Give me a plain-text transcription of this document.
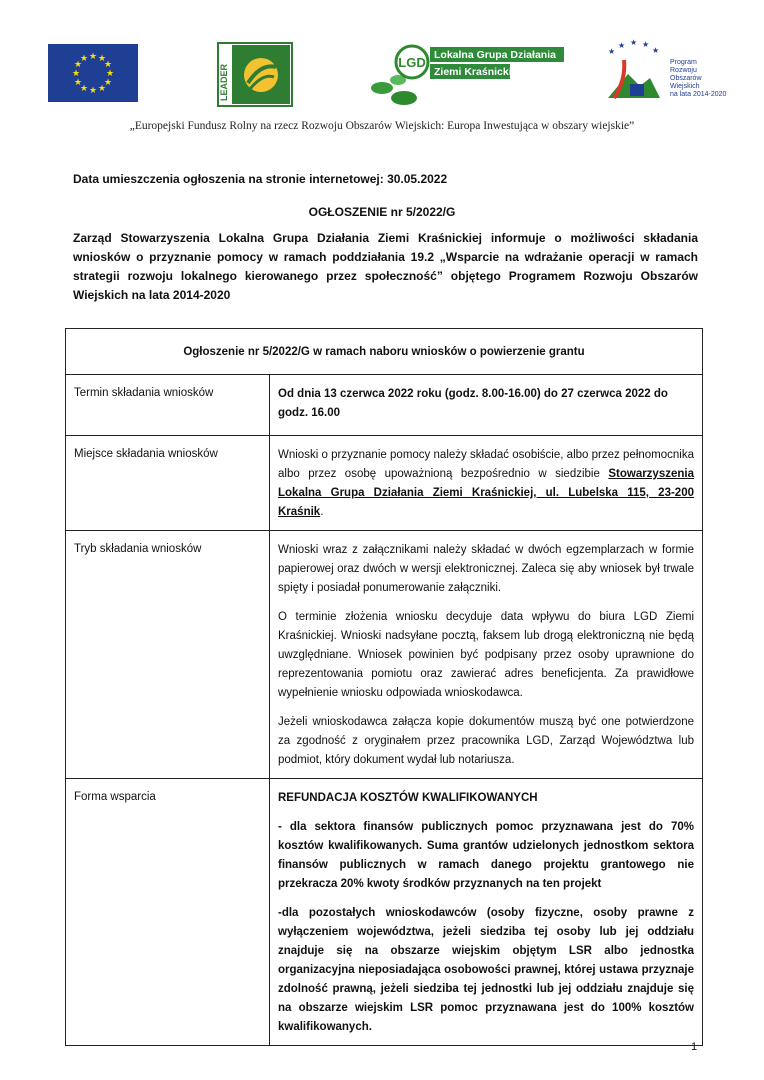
★ ★
★
★
★
★
★
★
★
★
★
★
LEADER
LGD Lokalna Grupa Działania
Ziemi Kraśnickiej
★
★ ★ ★
★
Program
Rozwoju
Obszarów
Wiejskich
na lata 2014-2020
„Europejski Fundusz Rolny na rzecz Rozwoju Obszarów Wiejskich: Europa Inwestująca w obszary wiejskie”
Data umieszczenia ogłoszenia na stronie internetowej: 30.05.2022
OGŁOSZENIE nr 5/2022/G
Zarząd Stowarzyszenia Lokalna Grupa Działania Ziemi Kraśnickiej informuje o możliwości składania wniosków o przyznanie pomocy w ramach poddziałania 19.2 „Wsparcie na wdrażanie operacji w ramach strategii rozwoju lokalnego kierowanego przez społeczność” objętego Programem Rozwoju Obszarów Wiejskich na lata 2014-2020
Ogłoszenie nr 5/2022/G w ramach naboru wniosków o powierzenie grantu	
Termin składania wniosków	Od dnia 13 czerwca 2022 roku (godz. 8.00-16.00) do 27 czerwca 2022 do godz. 16.00
Miejsce składania wniosków	Wnioski o przyznanie pomocy należy składać osobiście, albo przez pełnomocnika albo przez osobę upoważnioną bezpośrednio w siedzibie Stowarzyszenia Lokalna Grupa Działania Ziemi Kraśnickiej, ul. Lubelska 115, 23-200 Kraśnik.

Tryb składania wniosków	Wnioski wraz z załącznikami należy składać w dwóch egzemplarzach w formie papierowej oraz dwóch w wersji elektronicznej. Zaleca się aby wniosek był trwale spięty i posiadał ponumerowanie załączniki.
O terminie złożenia wniosku decyduje data wpływu do biura LGD Ziemi Kraśnickiej. Wnioski nadsyłane pocztą, faksem lub drogą elektroniczną nie będą uwzględniane. Wniosek powinien być podpisany przez osoby uprawnione do reprezentowania pomiotu oraz zawierać adres beneficjenta. Za prawidłowe wypełnienie wniosku odpowiada wnioskodawca.
Jeżeli wnioskodawca załącza kopie dokumentów muszą być one potwierdzone za zgodność z oryginałem przez pracownika LGD, Zarząd Województwa lub podmiot, który dokument wydał lub notariusza.

Forma wsparcia	REFUNDACJA KOSZTÓW KWALIFIKOWANYCH
- dla sektora finansów publicznych pomoc przyznawana jest do 70% kosztów kwalifikowanych. Suma grantów udzielonych jednostkom sektora finansów publicznych w ramach danego projektu grantowego nie przekracza 20% kwoty środków przyznanych na ten projekt
-dla pozostałych wnioskodawców (osoby fizyczne, osoby prawne z wyłączeniem województwa, jeżeli siedziba tej osoby lub jej oddziału znajduje się na obszarze wiejskim objętym LSR albo jednostka organizacyjna nieposiadająca osobowości prawnej, której ustawa przyznaje zdolność prawną, jeżeli siedziba tej jednostki lub jej oddziału znajduje się na obszarze wiejskim LSR pomoc przyznawana jest do 100% kosztów kwalifikowanych.
1
